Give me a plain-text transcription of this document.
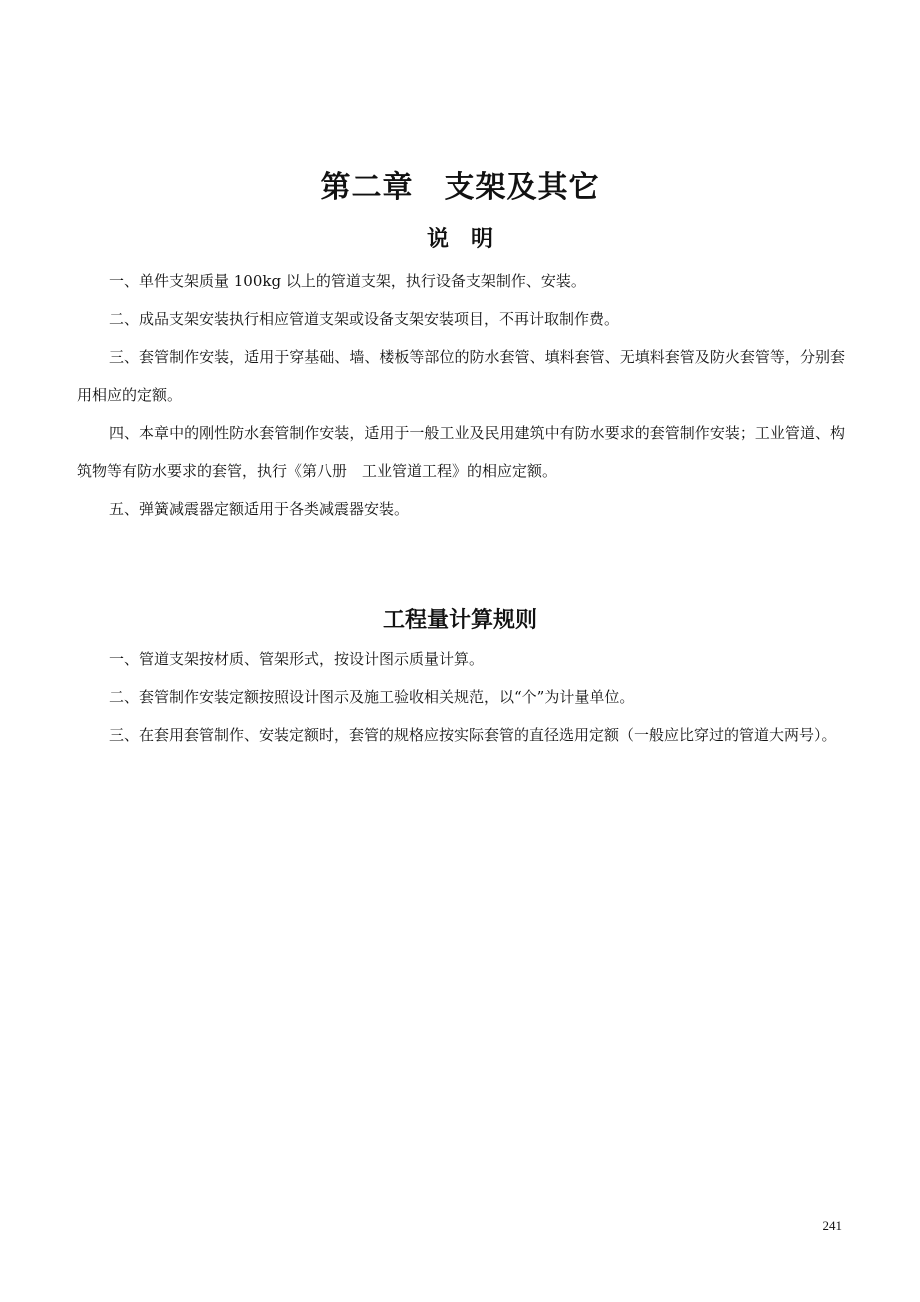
第二章　支架及其它
说　明

一、单件支架质量 100kg 以上的管道支架，执行设备支架制作、安装。

二、成品支架安装执行相应管道支架或设备支架安装项目，不再计取制作费。

三、套管制作安装，适用于穿基础、墙、楼板等部位的防水套管、填料套管、无填料套管及防火套管等，分别套用相应的定额。

四、本章中的刚性防水套管制作安装，适用于一般工业及民用建筑中有防水要求的套管制作安装；工业管道、构筑物等有防水要求的套管，执行《第八册　工业管道工程》的相应定额。

五、弹簧减震器定额适用于各类减震器安装。

工程量计算规则

一、管道支架按材质、管架形式，按设计图示质量计算。

二、套管制作安装定额按照设计图示及施工验收相关规范，以“个”为计量单位。

三、在套用套管制作、安装定额时，套管的规格应按实际套管的直径选用定额（一般应比穿过的管道大两号）。

241
